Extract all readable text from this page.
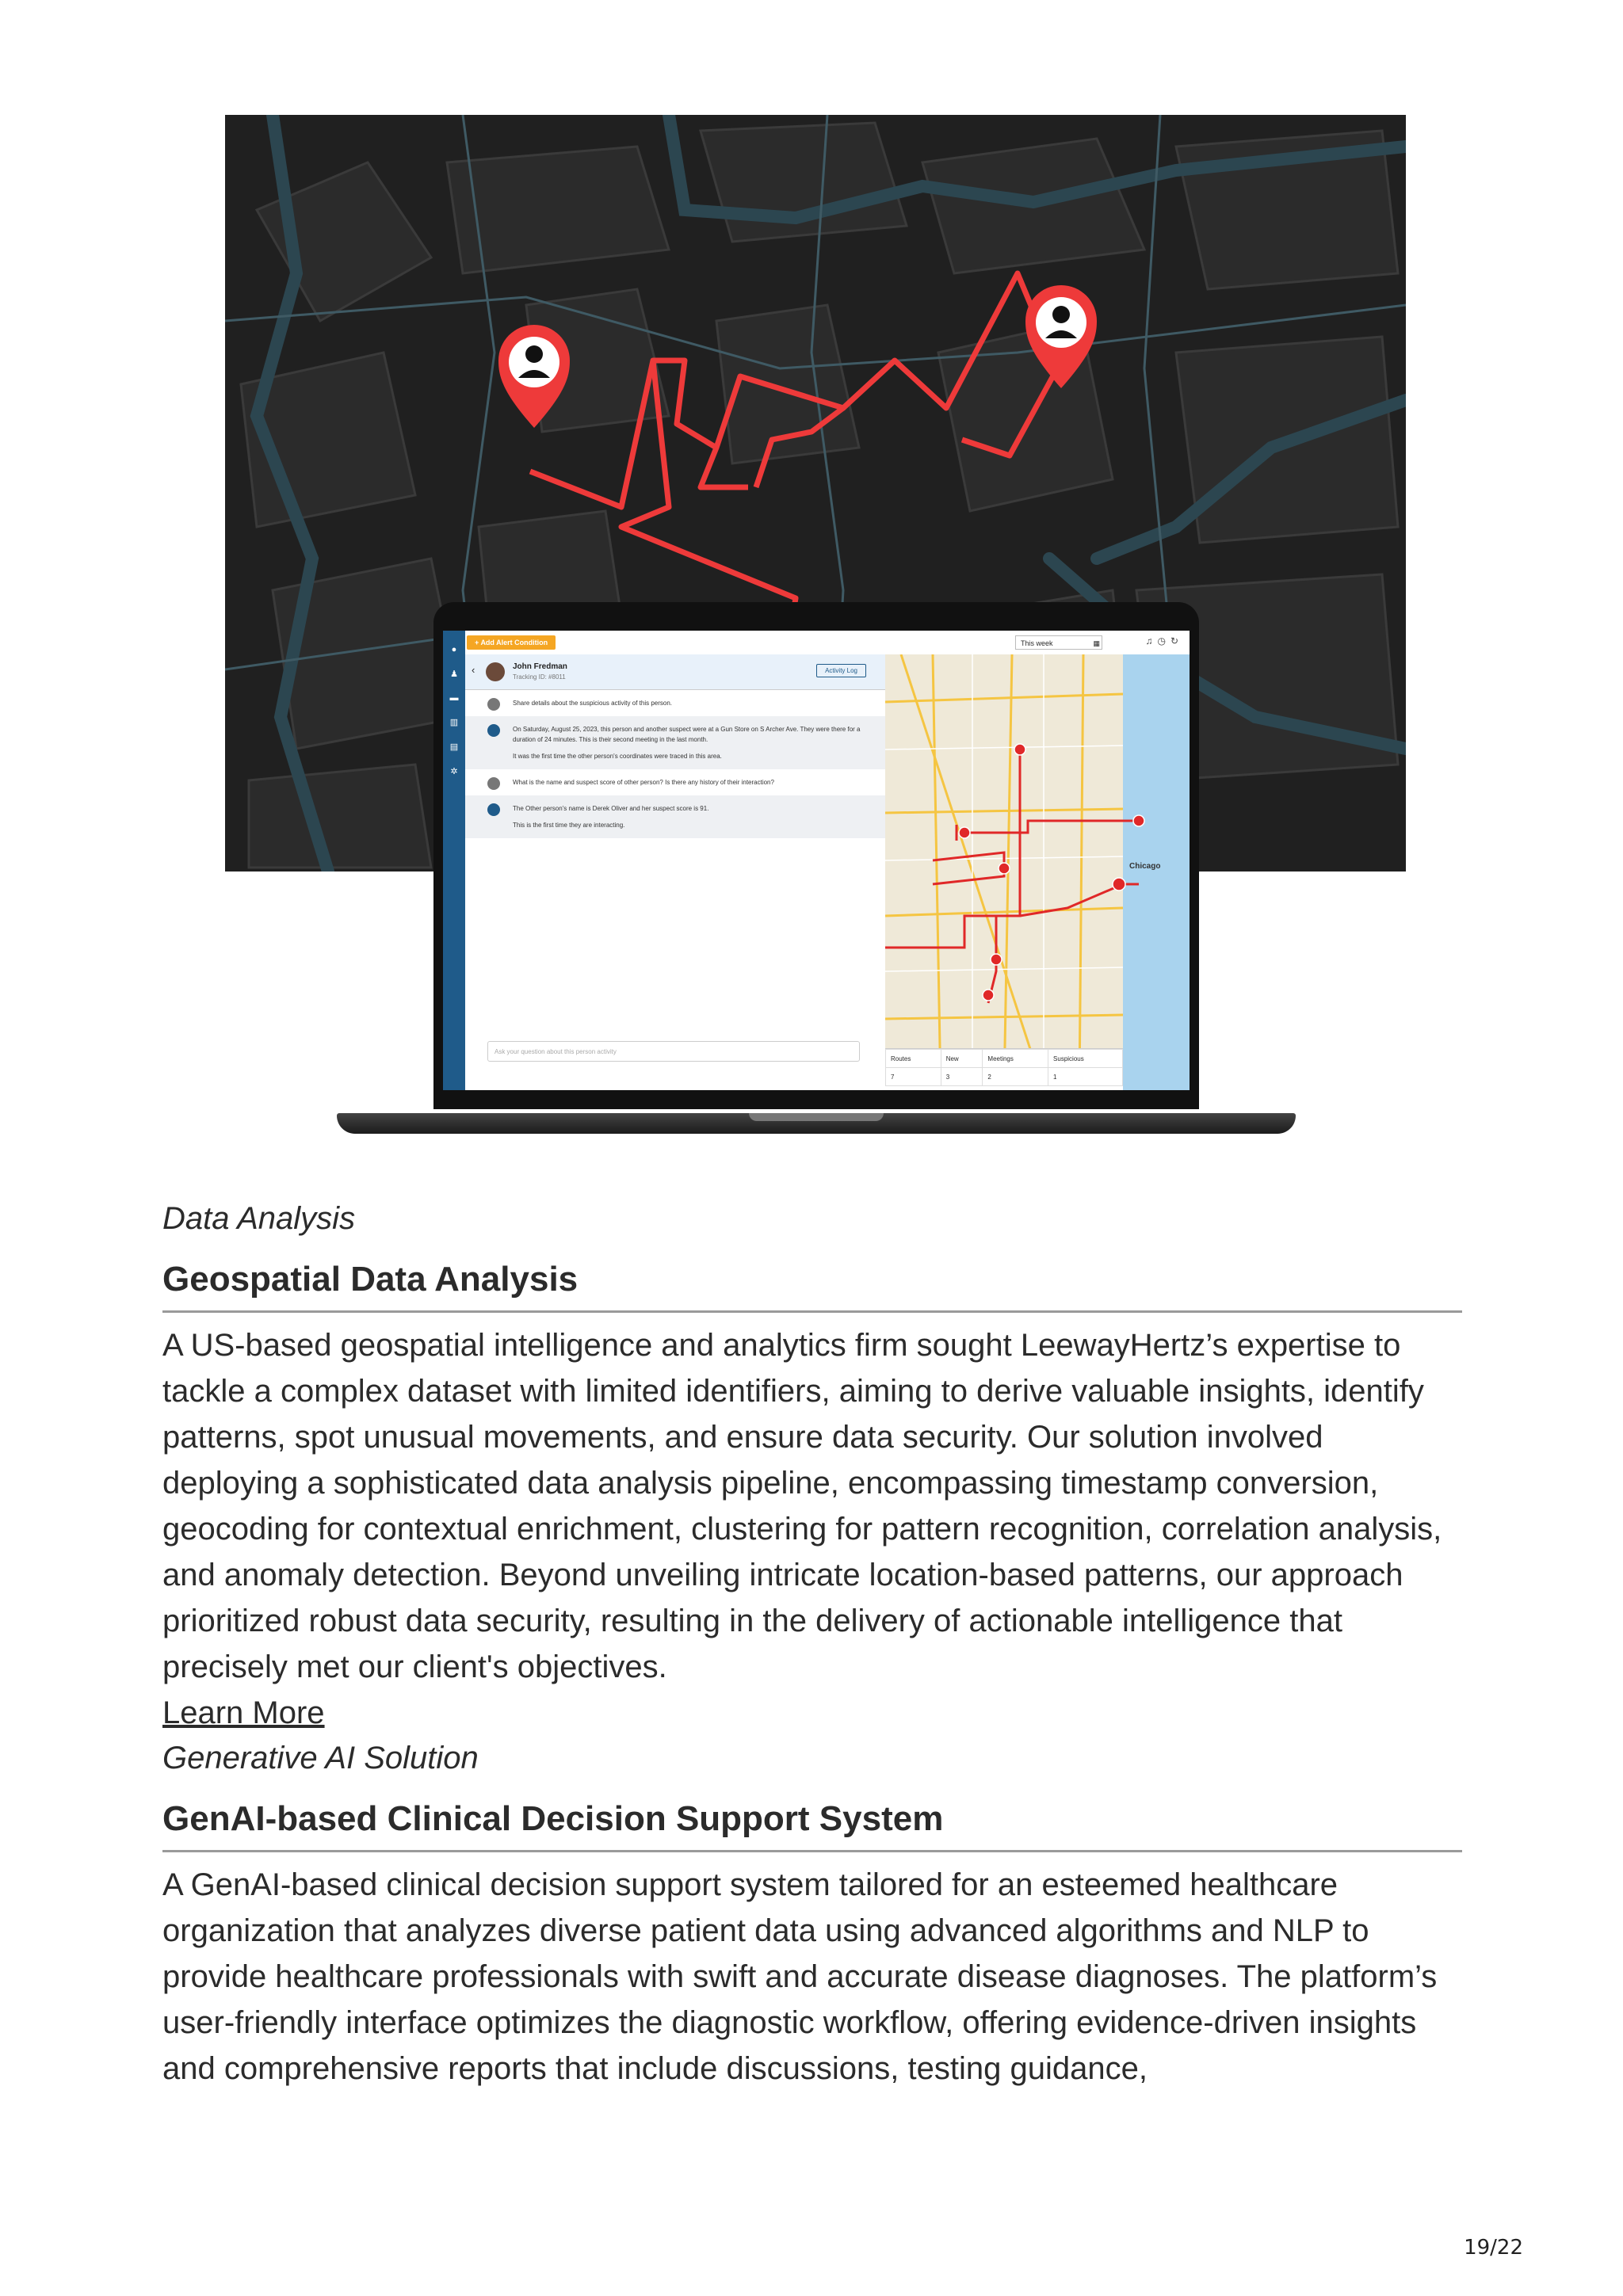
+ Add Alert Condition	This week	▦	♫◷↻
●
♟
▬
▥
▤
✲
‹	John Fredman
Tracking ID: #8011
Activity Log
Share details about the suspicious activity of this person.
On Saturday, August 25, 2023, this person and another suspect were at a Gun Store on S Archer Ave. They were there for a duration of 24 minutes. This is their second meeting in the last month.
It was the first time the other person's coordinates were traced in this area.
What is the name and suspect score of other person? Is there any history of their interaction?
The Other person's name is Derek Oliver and her suspect score is 91.
This is the first time they are interacting.
Ask your question about this person activity
Chicago
Routes	New	Meetings	Suspicious
7	3	2	1

Data Analysis

Geospatial Data Analysis

A US-based geospatial intelligence and analytics firm sought LeewayHertz’s expertise to tackle a complex dataset with limited identifiers, aiming to derive valuable insights, identify patterns, spot unusual movements, and ensure data security. Our solution involved deploying a sophisticated data analysis pipeline, encompassing timestamp conversion, geocoding for contextual enrichment, clustering for pattern recognition, correlation analysis, and anomaly detection. Beyond unveiling intricate location-based patterns, our approach prioritized robust data security, resulting in the delivery of actionable intelligence that precisely met our client's objectives.

Learn More

Generative AI Solution

GenAI-based Clinical Decision Support System

A GenAI-based clinical decision support system tailored for an esteemed healthcare organization that analyzes diverse patient data using advanced algorithms and NLP to provide healthcare professionals with swift and accurate disease diagnoses. The platform’s user-friendly interface optimizes the diagnostic workflow, offering evidence-driven insights and comprehensive reports that include discussions, testing guidance,

19/22
